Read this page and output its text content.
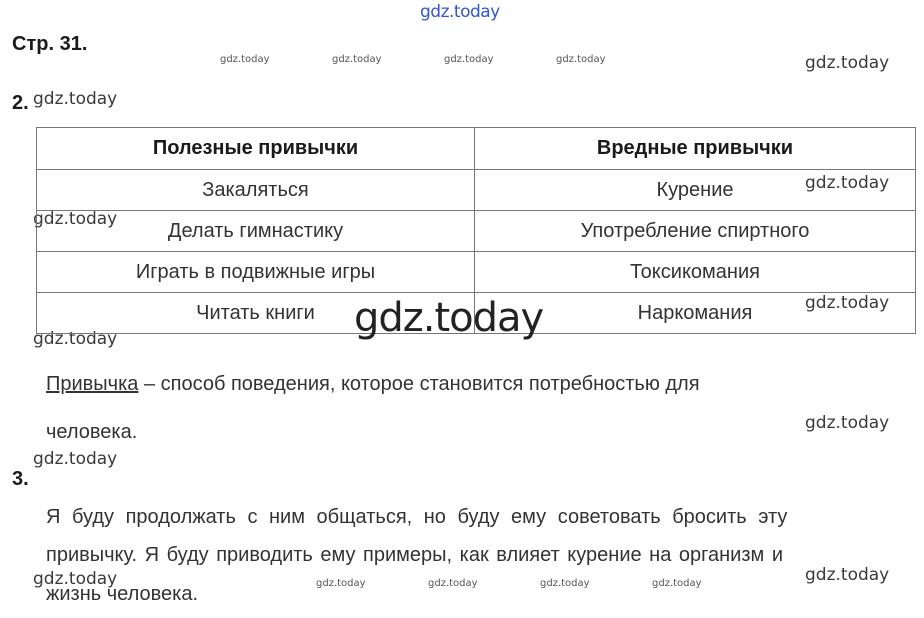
gdz.today
gdz.today	gdz.today	gdz.today	gdz.today	gdz.today
gdz.today
gdz.today
gdz.today
gdz.today
gdz.today
gdz.today	gdz.today
gdz.today	gdz.today	gdz.today	gdz.today
Стр. 31.
2.
Полезные привычки	Вредные привычки
Закаляться	Курение
Делать гимнастику	Употребление спиртного
Играть в подвижные игры	Токсикомания
Читать книги	Наркомания
gdz.today
gdz.today
gdz.today
Привычка – способ поведения, которое становится потребностью для
человека.
3.
Я буду продолжать с ним общаться, но буду ему советовать бросить эту
привычку. Я буду приводить ему примеры, как влияет курение на организм и
жизнь человека.
